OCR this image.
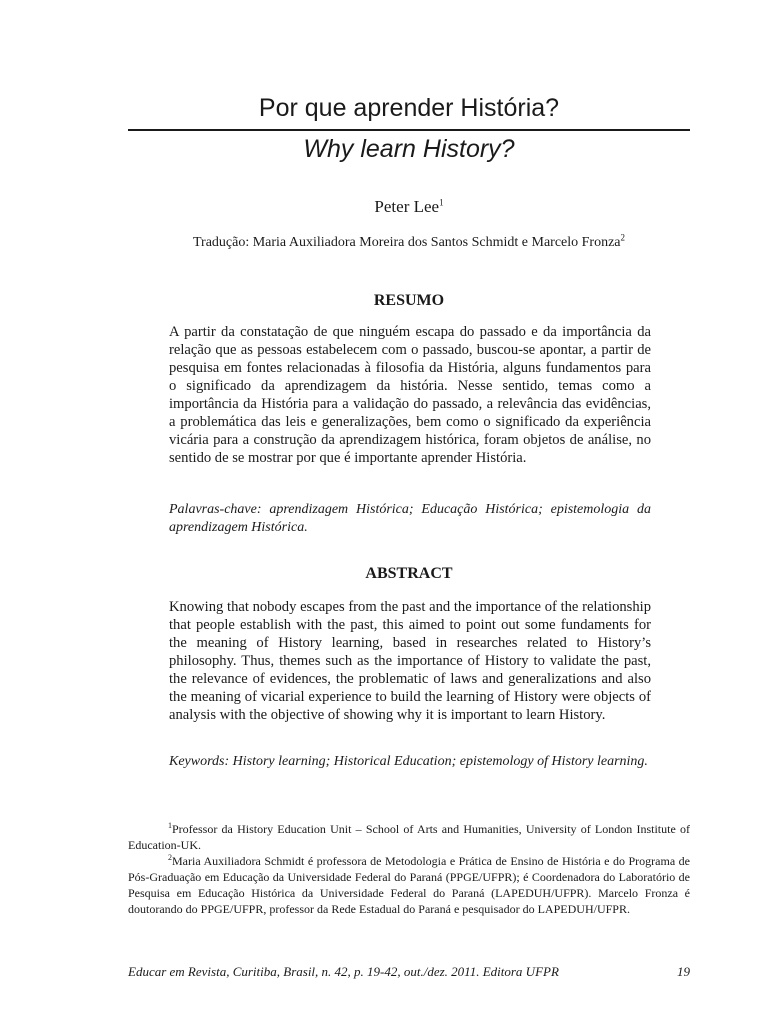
Por que aprender História?
Why learn History?
Peter Lee$^1$
Tradução: Maria Auxiliadora Moreira dos Santos Schmidt e Marcelo Fronza$^2$
RESUMO

A partir da constatação de que ninguém escapa do passado e da importância da relação que as pessoas estabelecem com o passado, buscou-se apontar, a partir de pesquisa em fontes relacionadas à filosofia da História, alguns fundamentos para o significado da aprendizagem da história. Nesse sentido, temas como a importância da História para a validação do passado, a relevância das evidências, a problemática das leis e generalizações, bem como o significado da experiência vicária para a construção da aprendizagem histórica, foram objetos de análise, no sentido de se mostrar por que é importante aprender História.

Palavras-chave: aprendizagem Histórica; Educação Histórica; epistemologia da aprendizagem Histórica.

ABSTRACT

Knowing that nobody escapes from the past and the importance of the relationship that people establish with the past, this aimed to point out some fundaments for the meaning of History learning, based in researches related to History’s philosophy. Thus, themes such as the importance of History to validate the past, the relevance of evidences, the problematic of laws and generalizations and also the meaning of vicarial experience to build the learning of History were objects of analysis with the objective of showing why it is important to learn History.

Keywords: History learning; Historical Education; epistemology of History learning.

$^1$Professor da History Education Unit – School of Arts and Humanities, University of London Institute of Education-UK.

$^2$Maria Auxiliadora Schmidt é professora de Metodologia e Prática de Ensino de História e do Programa de Pós-Graduação em Educação da Universidade Federal do Paraná (PPGE/UFPR); é Coordenadora do Laboratório de Pesquisa em Educação Histórica da Universidade Federal do Paraná (LAPEDUH/UFPR). Marcelo Fronza é doutorando do PPGE/UFPR, professor da Rede Estadual do Paraná e pesquisador do LAPEDUH/UFPR.

Educar em Revista, Curitiba, Brasil, n. 42, p. 19-42, out./dez. 2011. Editora UFPR	19
